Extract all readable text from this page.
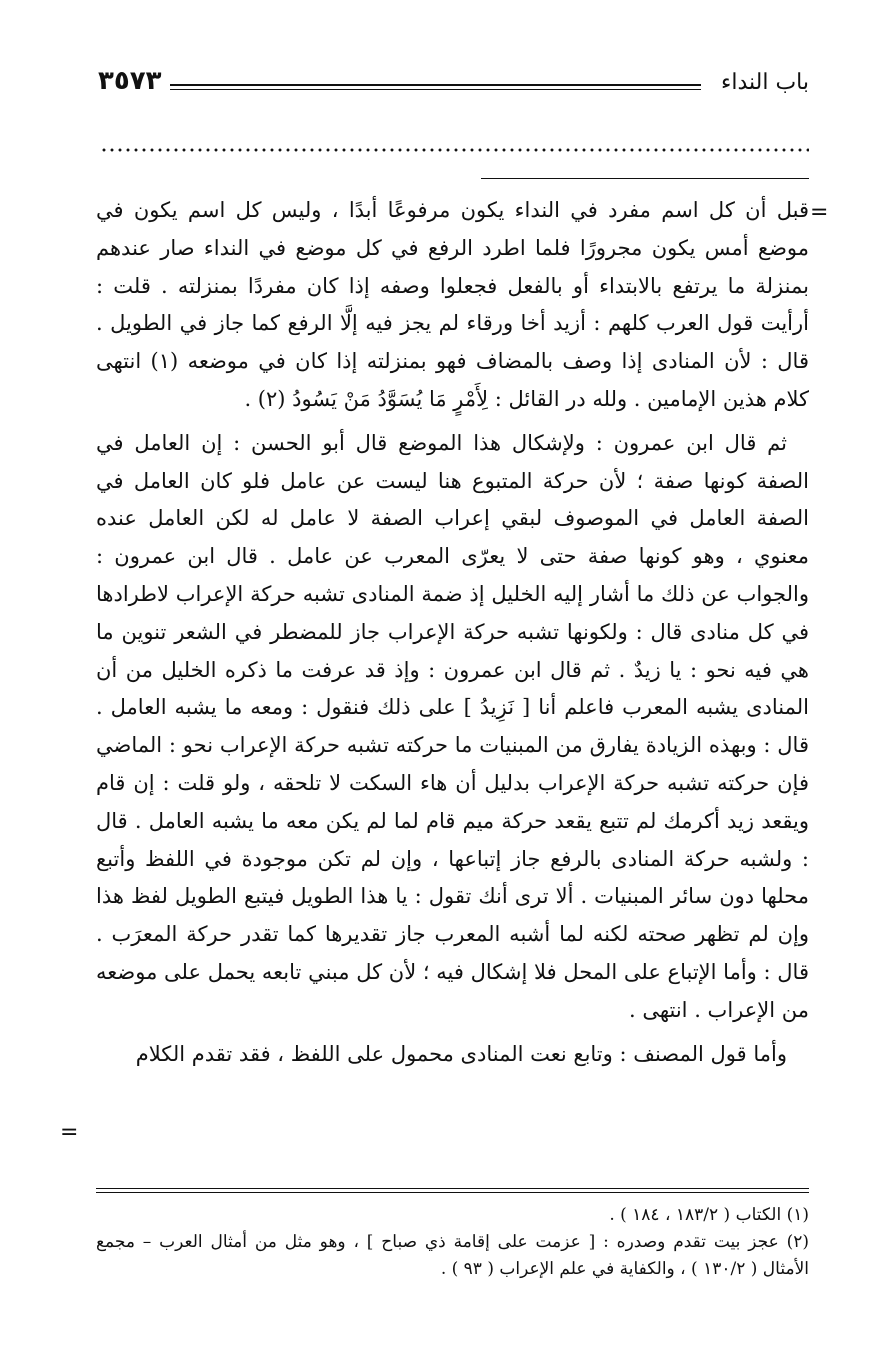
باب النداء
٣٥٧٣
=

قبل أن كل اسم مفرد في النداء يكون مرفوعًا أبدًا ، وليس كل اسم يكون في موضع أمس يكون مجرورًا فلما اطرد الرفع في كل موضع في النداء صار عندهم بمنزلة ما يرتفع بالابتداء أو بالفعل فجعلوا وصفه إذا كان مفردًا بمنزلته . قلت : أرأيت قول العرب كلهم : أزيد أخا ورقاء لم يجز فيه إلَّا الرفع كما جاز في الطويل . قال : لأن المنادى إذا وصف بالمضاف فهو بمنزلته إذا كان في موضعه (١) انتهى كلام هذين الإمامين . ولله در القائل : لِأَمْرٍ مَا يُسَوَّدُ مَنْ يَسُودُ (٢) .

ثم قال ابن عمرون : ولإشكال هذا الموضع قال أبو الحسن : إن العامل في الصفة كونها صفة ؛ لأن حركة المتبوع هنا ليست عن عامل فلو كان العامل في الصفة العامل في الموصوف لبقي إعراب الصفة لا عامل له لكن العامل عنده معنوي ، وهو كونها صفة حتى لا يعرّى المعرب عن عامل . قال ابن عمرون : والجواب عن ذلك ما أشار إليه الخليل إذ ضمة المنادى تشبه حركة الإعراب لاطرادها في كل منادى قال : ولكونها تشبه حركة الإعراب جاز للمضطر في الشعر تنوين ما هي فيه نحو : يا زيدٌ . ثم قال ابن عمرون : وإذ قد عرفت ما ذكره الخليل من أن المنادى يشبه المعرب فاعلم أنا [ نَزِيدُ ] على ذلك فنقول : ومعه ما يشبه العامل . قال : وبهذه الزيادة يفارق من المبنيات ما حركته تشبه حركة الإعراب نحو : الماضي فإن حركته تشبه حركة الإعراب بدليل أن هاء السكت لا تلحقه ، ولو قلت : إن قام ويقعد زيد أكرمك لم تتبع يقعد حركة ميم قام لما لم يكن معه ما يشبه العامل . قال : ولشبه حركة المنادى بالرفع جاز إتباعها ، وإن لم تكن موجودة في اللفظ وأتبع محلها دون سائر المبنيات . ألا ترى أنك تقول : يا هذا الطويل فيتبع الطويل لفظ هذا وإن لم تظهر صحته لكنه لما أشبه المعرب جاز تقديرها كما تقدر حركة المعرَب . قال : وأما الإتباع على المحل فلا إشكال فيه ؛ لأن كل مبني تابعه يحمل على موضعه من الإعراب . انتهى .

وأما قول المصنف : وتابع نعت المنادى محمول على اللفظ ، فقد تقدم الكلام

=
(١) الكتاب ( ١٨٣/٢ ، ١٨٤ ) .
(٢) عجز بيت تقدم وصدره : [ عزمت على إقامة ذي صباح ] ، وهو مثل من أمثال العرب – مجمع الأمثال ( ١٣٠/٢ ) ، والكفاية في علم الإعراب ( ٩٣ ) .
